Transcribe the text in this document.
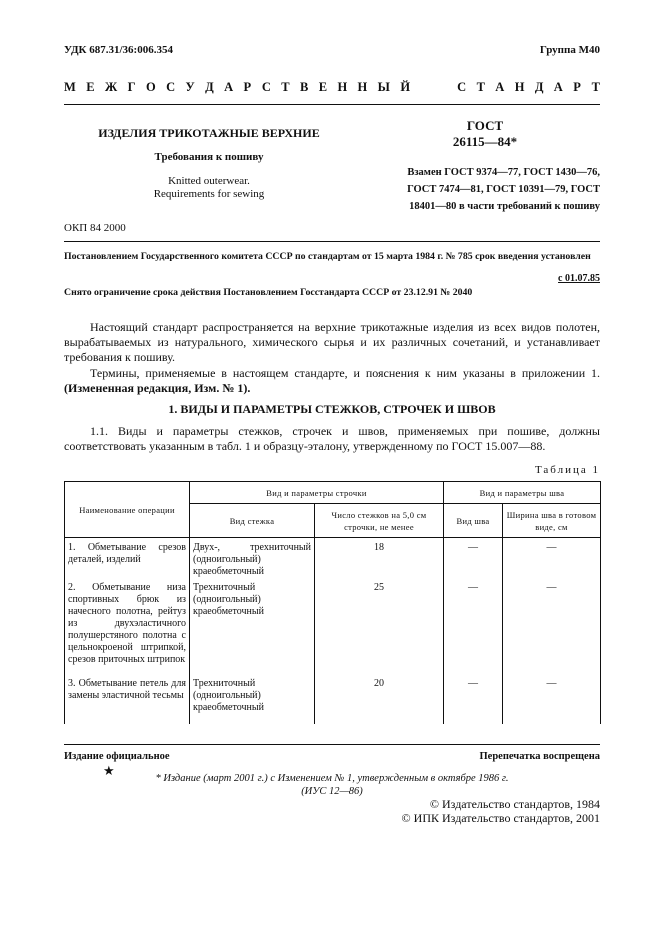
УДК 687.31/36:006.354	Группа М40
М Е Ж Г О С У Д А Р С Т В Е Н Н Ы Й	С Т А Н Д А Р Т
ИЗДЕЛИЯ ТРИКОТАЖНЫЕ ВЕРХНИЕ
Требования к пошиву
Knitted outerwear.
Requirements for sewing
ГОСТ
26115—84*
Взамен ГОСТ 9374—77, ГОСТ 1430—76,
ГОСТ 7474—81, ГОСТ 10391—79, ГОСТ
18401—80 в части требований к пошиву
ОКП 84 2000
Постановлением Государственного комитета СССР по стандартам от 15 марта 1984 г. № 785 срок введения установлен
с 01.07.85
Снято ограничение срока действия Постановлением Госстандарта СССР от 23.12.91 № 2040
Настоящий стандарт распространяется на верхние трикотажные изделия из всех видов полотен, вырабатываемых из натурального, химического сырья и их различных сочетаний, и устанавливает требования к пошиву.
Термины, применяемые в настоящем стандарте, и пояснения к ним указаны в приложении 1. (Измененная редакция, Изм. № 1).
1. ВИДЫ И ПАРАМЕТРЫ СТЕЖКОВ, СТРОЧЕК И ШВОВ
1.1. Виды и параметры стежков, строчек и швов, применяемых при пошиве, должны соответствовать указанным в табл. 1 и образцу-эталону, утвержденному по ГОСТ 15.007—88.
Таблица 1
Наименование операции	Вид и параметры строчки		Вид и параметры шва	
	Вид стежка	Число стежков на 5,0 см строчки, не менее	Вид шва	Ширина шва в готовом виде, см
1. Обметывание срезов деталей, изделий	Двух-, трехниточный (одноигольный) краеобметочный	18	—	—
2. Обметывание низа спортивных брюк из начесного полотна, рейтуз из двухэластичного полушерстяного полотна с цельнокроеной штрипкой, срезов приточных штрипок	Трехниточный (одноигольный) краеобметочный	25	—	—
3. Обметывание петель для замены эластичной тесьмы	Трехниточный (одноигольный) краеобметочный	20	—	—
Издание официальное	Перепечатка воспрещена
★
* Издание (март 2001 г.) с Изменением № 1, утвержденным в октябре 1986 г.
(ИУС 12—86)
© Издательство стандартов, 1984
© ИПК Издательство стандартов, 2001
